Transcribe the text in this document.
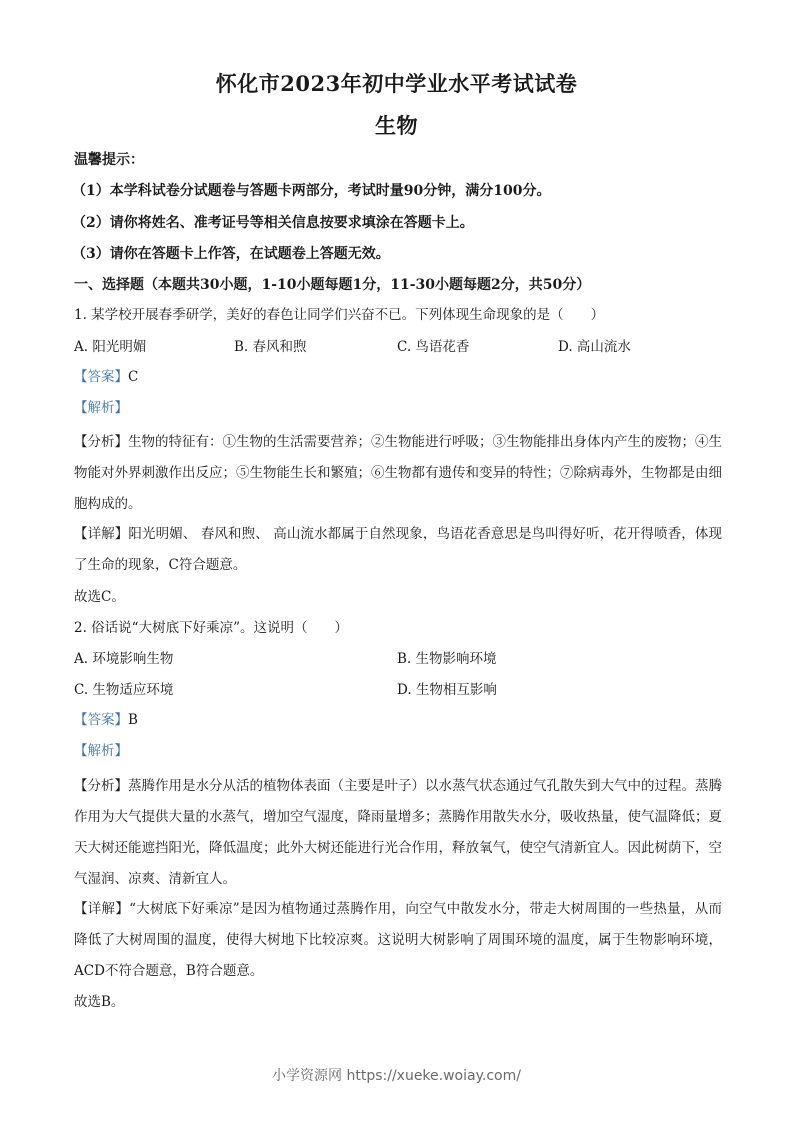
怀化市2023年初中学业水平考试试卷
生物
温馨提示：
（1）本学科试卷分试题卷与答题卡两部分，考试时量90分钟，满分100分。
（2）请你将姓名、准考证号等相关信息按要求填涂在答题卡上。
（3）请你在答题卡上作答，在试题卷上答题无效。
一、选择题（本题共30小题，1-10小题每题1分，11-30小题每题2分，共50分）
1. 某学校开展春季研学，美好的春色让同学们兴奋不已。下列体现生命现象的是（　　）
A. 阳光明媚	B. 春风和煦	C. 鸟语花香	D. 高山流水
【答案】C
【解析】
【分析】生物的特征有：①生物的生活需要营养；②生物能进行呼吸；③生物能排出身体内产生的废物；④生物能对外界刺激作出反应；⑤生物能生长和繁殖；⑥生物都有遗传和变异的特性；⑦除病毒外，生物都是由细胞构成的。
【详解】阳光明媚、 春风和煦、 高山流水都属于自然现象，鸟语花香意思是鸟叫得好听，花开得喷香，体现了生命的现象，C符合题意。
故选C。
2. 俗话说“大树底下好乘凉”。这说明（　　）
A. 环境影响生物	B. 生物影响环境
C. 生物适应环境	D. 生物相互影响
【答案】B
【解析】
【分析】蒸腾作用是水分从活的植物体表面（主要是叶子）以水蒸气状态通过气孔散失到大气中的过程。蒸腾作用为大气提供大量的水蒸气，增加空气湿度，降雨量增多；蒸腾作用散失水分，吸收热量，使气温降低；夏天大树还能遮挡阳光，降低温度；此外大树还能进行光合作用，释放氧气，使空气清新宜人。因此树荫下，空气湿润、凉爽、清新宜人。
【详解】“大树底下好乘凉”是因为植物通过蒸腾作用，向空气中散发水分，带走大树周围的一些热量，从而降低了大树周围的温度，使得大树地下比较凉爽。这说明大树影响了周围环境的温度，属于生物影响环境，ACD不符合题意，B符合题意。
故选B。
小学资源网 https://xueke.woiay.com/
